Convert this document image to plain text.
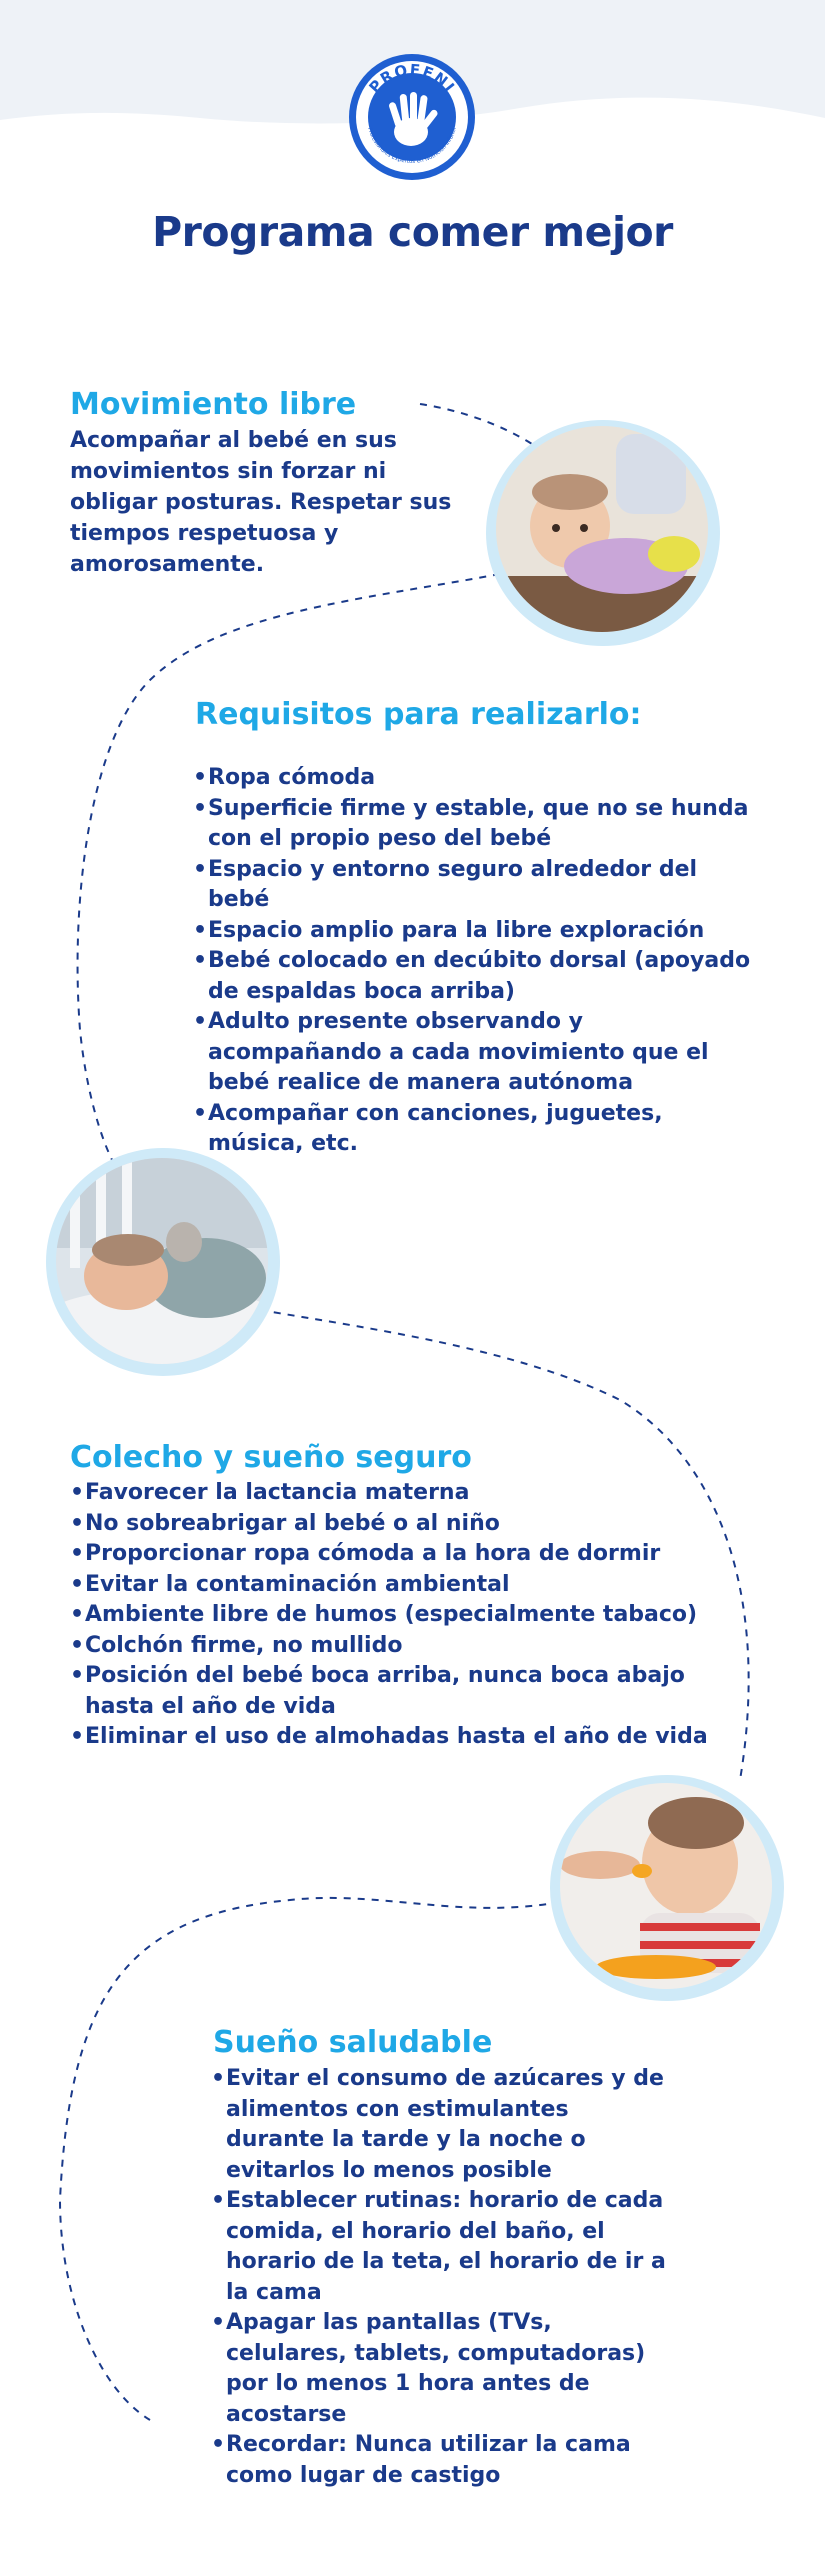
PROFENI
Profesionales Expertos en Nutrición Infantil
Programa comer mejor
Movimiento libre

Acompañar al bebé en sus movimientos sin forzar ni obligar posturas. Respetar sus tiempos respetuosa y amorosamente.

Requisitos para realizarlo:
• Ropa cómoda
• Superficie firme y estable, que no se hunda con el propio peso del bebé
• Espacio y entorno seguro alrededor del bebé
• Espacio amplio para la libre exploración
• Bebé colocado en decúbito dorsal (apoyado de espaldas boca arriba)
• Adulto presente observando y acompañando a cada movimiento que el bebé realice de manera autónoma
• Acompañar con canciones, juguetes, música, etc.
Colecho y sueño seguro
• Favorecer la lactancia materna
• No sobreabrigar al bebé o al niño
• Proporcionar ropa cómoda a la hora de dormir
• Evitar la contaminación ambiental
• Ambiente libre de humos (especialmente tabaco)
• Colchón firme, no mullido
• Posición del bebé boca arriba, nunca boca abajo hasta el año de vida
• Eliminar el uso de almohadas hasta el año de vida
Sueño saludable
• Evitar el consumo de azúcares y de alimentos con estimulantes durante la tarde y la noche o evitarlos lo menos posible
• Establecer rutinas: horario de cada comida, el horario del baño, el horario de la teta, el horario de ir a la cama
• Apagar las pantallas (TVs, celulares, tablets, computadoras) por lo menos 1 hora antes de acostarse
• Recordar: Nunca utilizar la cama como lugar de castigo
